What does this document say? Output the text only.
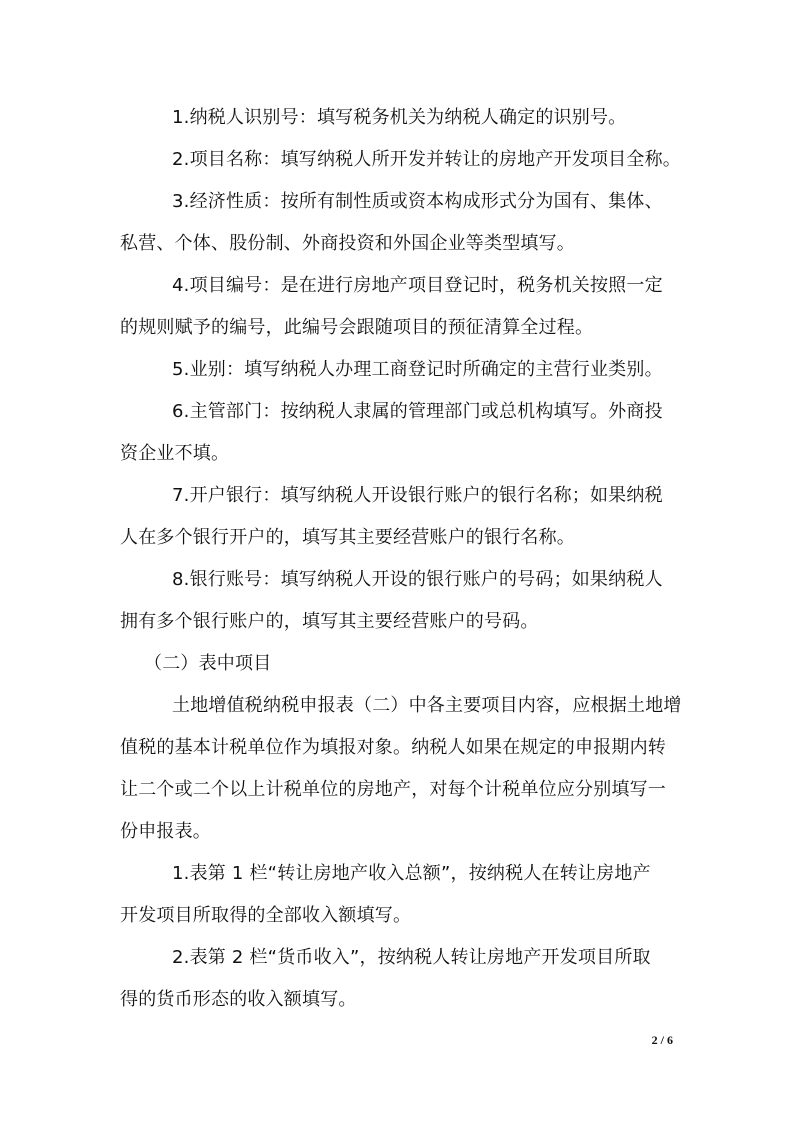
1.纳税人识别号：填写税务机关为纳税人确定的识别号。
2.项目名称：填写纳税人所开发并转让的房地产开发项目全称。
3.经济性质：按所有制性质或资本构成形式分为国有、集体、
私营、个体、股份制、外商投资和外国企业等类型填写。
4.项目编号：是在进行房地产项目登记时，税务机关按照一定
的规则赋予的编号，此编号会跟随项目的预征清算全过程。
5.业别：填写纳税人办理工商登记时所确定的主营行业类别。
6.主管部门：按纳税人隶属的管理部门或总机构填写。外商投
资企业不填。
7.开户银行：填写纳税人开设银行账户的银行名称；如果纳税
人在多个银行开户的，填写其主要经营账户的银行名称。
8.银行账号：填写纳税人开设的银行账户的号码；如果纳税人
拥有多个银行账户的，填写其主要经营账户的号码。
（二）表中项目
土地增值税纳税申报表（二）中各主要项目内容，应根据土地增
值税的基本计税单位作为填报对象。纳税人如果在规定的申报期内转
让二个或二个以上计税单位的房地产，对每个计税单位应分别填写一
份申报表。
1.表第 1 栏“转让房地产收入总额”，按纳税人在转让房地产
开发项目所取得的全部收入额填写。
2.表第 2 栏“货币收入”，按纳税人转让房地产开发项目所取
得的货币形态的收入额填写。
2 / 6
